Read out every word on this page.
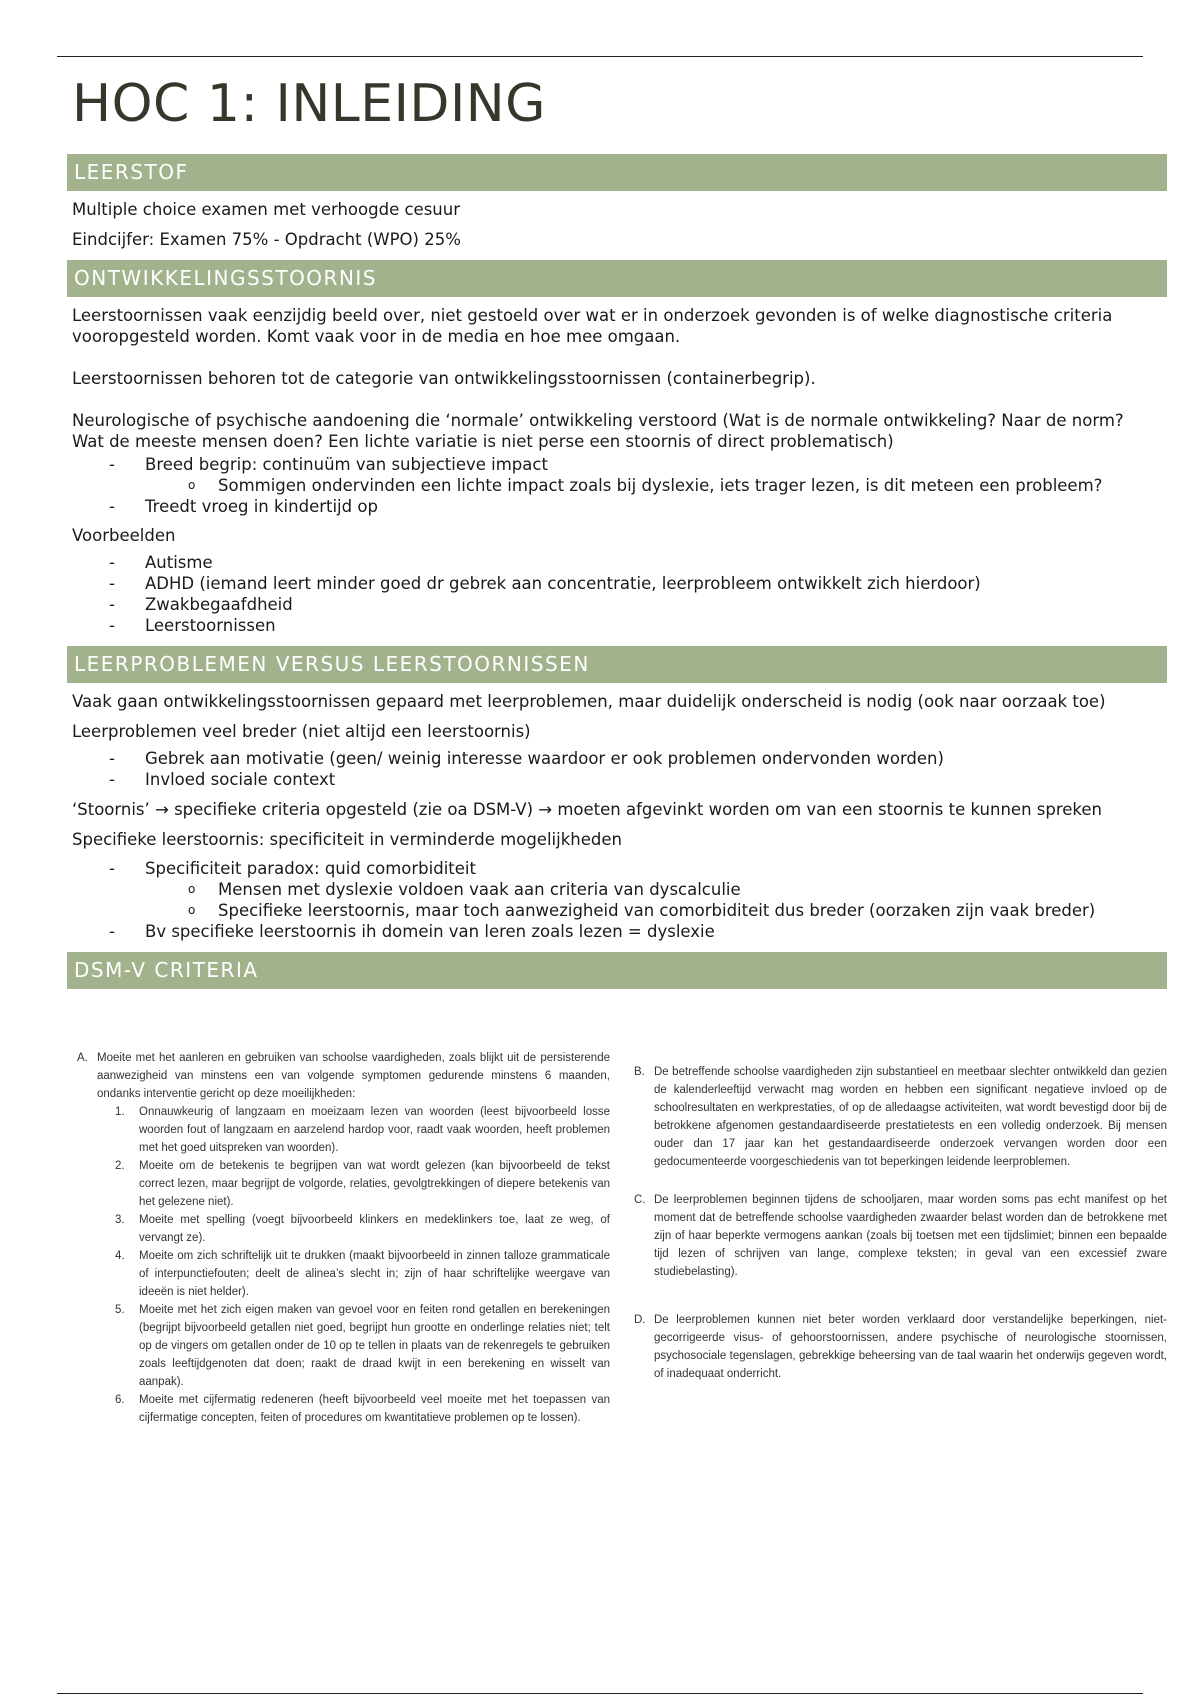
HOC 1: INLEIDING
LEERSTOF
Multiple choice examen met verhoogde cesuur
Eindcijfer: Examen 75% - Opdracht (WPO) 25%
ONTWIKKELINGSSTOORNIS
Leerstoornissen vaak eenzijdig beeld over, niet gestoeld over wat er in onderzoek gevonden is of welke diagnostische criteria vooropgesteld worden. Komt vaak voor in de media en hoe mee omgaan.
Leerstoornissen behoren tot de categorie van ontwikkelingsstoornissen (containerbegrip).
Neurologische of psychische aandoening die ‘normale’ ontwikkeling verstoord (Wat is de normale ontwikkeling? Naar de norm? Wat de meeste mensen doen? Een lichte variatie is niet perse een stoornis of direct problematisch)
- Breed begrip: continuüm van subjectieve impact
o Sommigen ondervinden een lichte impact zoals bij dyslexie, iets trager lezen, is dit meteen een probleem?
- Treedt vroeg in kindertijd op
Voorbeelden
- Autisme
- ADHD (iemand leert minder goed dr gebrek aan concentratie, leerprobleem ontwikkelt zich hierdoor)
- Zwakbegaafdheid
- Leerstoornissen
LEERPROBLEMEN VERSUS LEERSTOORNISSEN
Vaak gaan ontwikkelingsstoornissen gepaard met leerproblemen, maar duidelijk onderscheid is nodig (ook naar oorzaak toe)
Leerproblemen veel breder (niet altijd een leerstoornis)
- Gebrek aan motivatie (geen/ weinig interesse waardoor er ook problemen ondervonden worden)
- Invloed sociale context
‘Stoornis’ → specifieke criteria opgesteld (zie oa DSM-V) → moeten afgevinkt worden om van een stoornis te kunnen spreken
Specifieke leerstoornis: specificiteit in verminderde mogelijkheden
- Specificiteit paradox: quid comorbiditeit
o Mensen met dyslexie voldoen vaak aan criteria van dyscalculie
o Specifieke leerstoornis, maar toch aanwezigheid van comorbiditeit dus breder (oorzaken zijn vaak breder)
- Bv specifieke leerstoornis ih domein van leren zoals lezen = dyslexie
DSM-V CRITERIA
A. Moeite met het aanleren en gebruiken van schoolse vaardigheden, zoals blijkt uit de persisterende aanwezigheid van minstens een van volgende symptomen gedurende minstens 6 maanden, ondanks interventie gericht op deze moeilijkheden:
1. Onnauwkeurig of langzaam en moeizaam lezen van woorden (leest bijvoorbeeld losse woorden fout of langzaam en aarzelend hardop voor, raadt vaak woorden, heeft problemen met het goed uitspreken van woorden).
2. Moeite om de betekenis te begrijpen van wat wordt gelezen (kan bijvoorbeeld de tekst correct lezen, maar begrijpt de volgorde, relaties, gevolgtrekkingen of diepere betekenis van het gelezene niet).
3. Moeite met spelling (voegt bijvoorbeeld klinkers en medeklinkers toe, laat ze weg, of vervangt ze).
4. Moeite om zich schriftelijk uit te drukken (maakt bijvoorbeeld in zinnen talloze grammaticale of interpunctiefouten; deelt de alinea’s slecht in; zijn of haar schriftelijke weergave van ideeën is niet helder).
5. Moeite met het zich eigen maken van gevoel voor en feiten rond getallen en berekeningen (begrijpt bijvoorbeeld getallen niet goed, begrijpt hun grootte en onderlinge relaties niet; telt op de vingers om getallen onder de 10 op te tellen in plaats van de rekenregels te gebruiken zoals leeftijdgenoten dat doen; raakt de draad kwijt in een berekening en wisselt van aanpak).
6. Moeite met cijfermatig redeneren (heeft bijvoorbeeld veel moeite met het toepassen van cijfermatige concepten, feiten of procedures om kwantitatieve problemen op te lossen).
B. De betreffende schoolse vaardigheden zijn substantieel en meetbaar slechter ontwikkeld dan gezien de kalenderleeftijd verwacht mag worden en hebben een significant negatieve invloed op de schoolresultaten en werkprestaties, of op de alledaagse activiteiten, wat wordt bevestigd door bij de betrokkene afgenomen gestandaardiseerde prestatietests en een volledig onderzoek. Bij mensen ouder dan 17 jaar kan het gestandaardiseerde onderzoek vervangen worden door een gedocumenteerde voorgeschiedenis van tot beperkingen leidende leerproblemen.
C. De leerproblemen beginnen tijdens de schooljaren, maar worden soms pas echt manifest op het moment dat de betreffende schoolse vaardigheden zwaarder belast worden dan de betrokkene met zijn of haar beperkte vermogens aankan (zoals bij toetsen met een tijdslimiet; binnen een bepaalde tijd lezen of schrijven van lange, complexe teksten; in geval van een excessief zware studiebelasting).
D. De leerproblemen kunnen niet beter worden verklaard door verstandelijke beperkingen, niet-gecorrigeerde visus- of gehoorstoornissen, andere psychische of neurologische stoornissen, psychosociale tegenslagen, gebrekkige beheersing van de taal waarin het onderwijs gegeven wordt, of inadequaat onderricht.
